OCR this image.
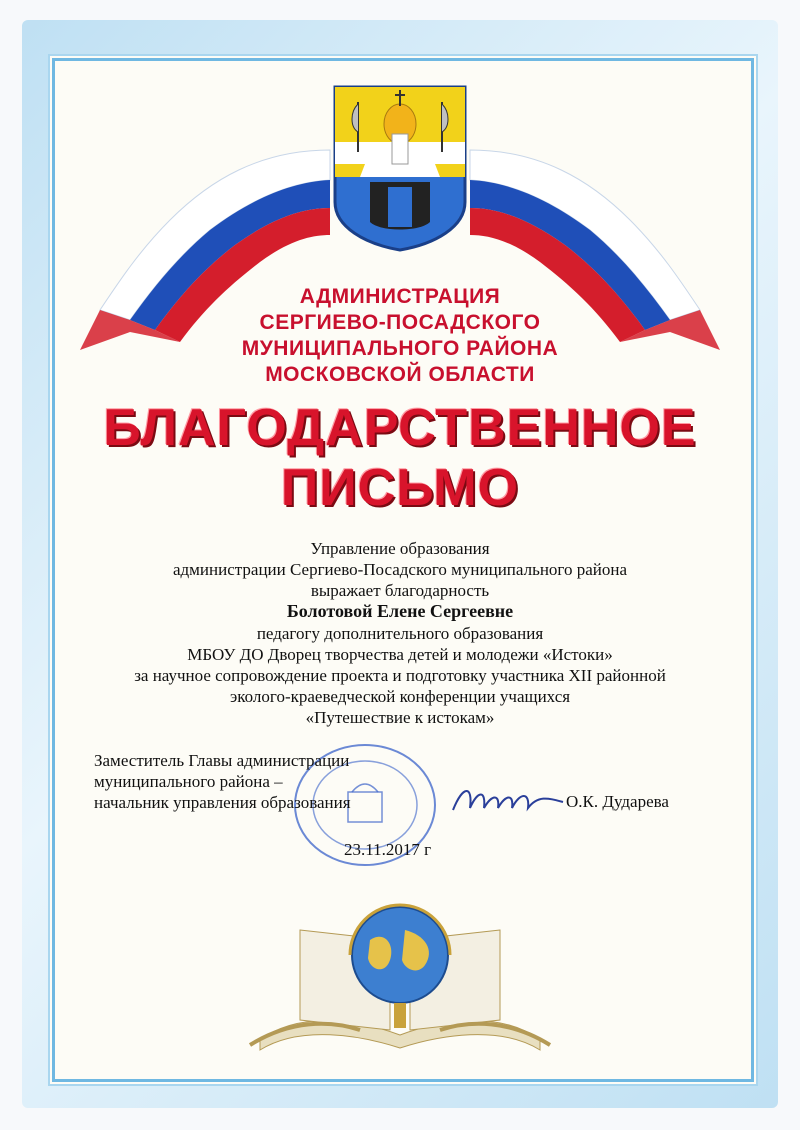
АДМИНИСТРАЦИЯ
СЕРГИЕВО-ПОСАДСКОГО
МУНИЦИПАЛЬНОГО РАЙОНА
МОСКОВСКОЙ ОБЛАСТИ
БЛАГОДАРСТВЕННОЕ
ПИСЬМО
Управление образования
администрации Сергиево-Посадского муниципального района
выражает благодарность
Болотовой Елене Сергеевне
педагогу дополнительного образования
МБОУ ДО Дворец творчества детей и молодежи «Истоки»
за научное сопровождение проекта и подготовку участника XII районной
эколого-краеведческой конференции учащихся
«Путешествие к истокам»
Заместитель Главы администрации
муниципального района –
начальник управления образования	О.К. Дударева
23.11.2017 г
